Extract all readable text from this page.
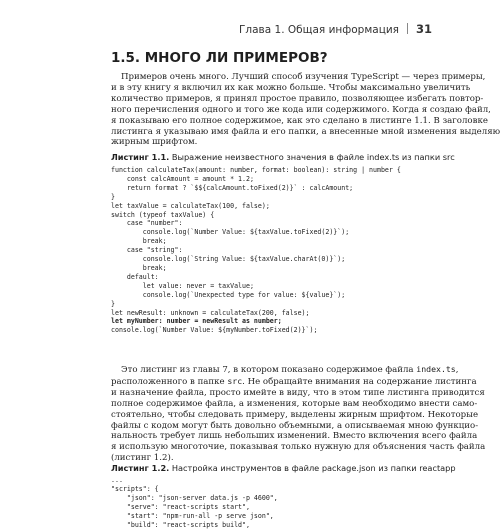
Глава 1. Общая информация 31
1.5. МНОГО ЛИ ПРИМЕРОВ?
Примеров очень много. Лучший способ изучения TypeScript — через примеры,
и в эту книгу я включил их как можно больше. Чтобы максимально увеличить
количество примеров, я принял простое правило, позволяющее избегать повтор-
ного перечисления одного и того же кода или содержимого. Когда я создаю файл,
я показываю его полное содержимое, как это сделано в листинге 1.1. В заголовке
листинга я указываю имя файла и его папки, а внесенные мной изменения выделяю
жирным шрифтом.
Листинг 1.1. Выражение неизвестного значения в файле index.ts из папки src
function calculateTax(amount: number, format: boolean): string | number {
const calcAmount = amount * 1.2;
return format ? `$${calcAmount.toFixed(2)}` : calcAmount;
}
let taxValue = calculateTax(100, false);
switch (typeof taxValue) {
case "number":
console.log(`Number Value: ${taxValue.toFixed(2)}`);
break;
case "string":
console.log(`String Value: ${taxValue.charAt(0)}`);
break;
default:
let value: never = taxValue;
console.log(`Unexpected type for value: ${value}`);
}
let newResult: unknown = calculateTax(200, false);
let myNumber: number = newResult as number;
console.log(`Number Value: ${myNumber.toFixed(2)}`);
Это листинг из главы 7, в котором показано содержимое файла index.ts,
расположенного в папке src. Не обращайте внимания на содержание листинга
и назначение файла, просто имейте в виду, что в этом типе листинга приводится
полное содержимое файла, а изменения, которые вам необходимо внести само-
стоятельно, чтобы следовать примеру, выделены жирным шрифтом. Некоторые
файлы с кодом могут быть довольно объемными, а описываемая мною функцио-
нальность требует лишь небольших изменений. Вместо включения всего файла
я использую многоточие, показывая только нужную для объяснения часть файла
(листинг 1.2).
Листинг 1.2. Настройка инструментов в файле package.json из папки reactapp
...
"scripts": {
"json": "json-server data.js -p 4600",
"serve": "react-scripts start",
"start": "npm-run-all -p serve json",
"build": "react-scripts build",
